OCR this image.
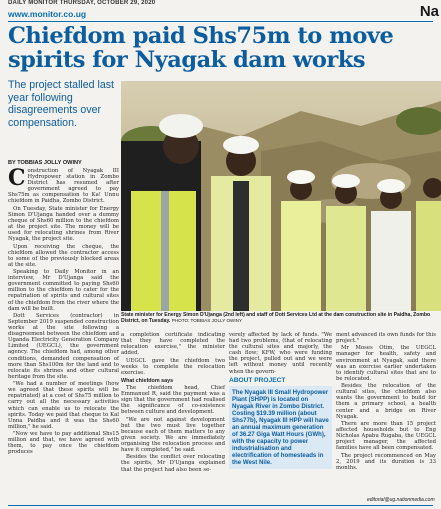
DAILY MONITOR THURSDAY, OCTOBER 29, 2020
www.monitor.co.ug	Na
Chiefdom paid Shs75m to move spirits for Nyagak dam works
The project stalled last year following disagreements over compensation.
BY TOBBIAS JOLLY OWINY

Construction of Nyagak III Hydropower station in Zombo District has resumed after government agreed to pay Shs75m as compensation to Ka! Unnu chiefdom in Paidha, Zombo District.

On Tuesday, State minister for Energy Simon D'Ujanga handed over a dummy cheque of Shs60 million to the chiefdom at the project site. The money will be used for relocating shrines from River Nyagak, the project site.

Upon receiving the cheque, the chiefdom allowed the contractor access to some of the previously blocked areas at the site.

Speaking to Daily Monitor in an interview, Mr D'Ujanga said the government committed to paying Shs60 million to the chiefdom to cater for the repatriation of spirits and cultural sites of the chiefdom from the river where the dam will be built.

Dott Services (contractor) in September 2019 suspended construction works at the site following a disagreement between the chiefdom and Uganda Electricity Generation Company Limited (UEGCL), the government agency. The chiefdom had, among other conditions, demanded compensation of more than Shs100m for the land and to relocate its shrines and other cultural heritage from the site.

"We had a number of meetings (how we agreed that these spirits will be repatriated) at a cost of Shs75 million to carry out all the necessary activities which can enable us to relocate the spirits. Today we paid that cheque to Kal Unna Paidha and it was the Shs60 million," he said.

"Now we have to pay additional Shs15 million and that, we have agreed with them, to pay once the chiefdom produces

State minister for Energy Simon D'Ujanga (2nd left) and staff of Dott Services Ltd at the dam construction site in Paidha, Zombo District, on Tuesday. PHOTO: TOBBIAS JOLLY OWINY

a completion certificate indicating that they have completed the relocation exercise," the minister added.

UEGCL gave the chiefdom two weeks to complete the relocation exercise.

What chiefdom says

The chiefdom head, Chief Emmanuel R, said the payment was a sign that the government had realised the significance of co-existence between culture and development.

"We are not against development but the two must live together because each of them matters to any given society. We are immediately organising the relocation process and have it completed," he said.

Besides the conflict over relocating the spirits, Mr D'Ujanga explained that the project had also been se-

verely affected by lack of funds. "We had two problems, (that of relocating the cultural sites and majorly, the cash flow; KFW, who were funding the project, pulled out and we were left without money until recently when the govern-

ABOUT PROJECT
The Nyagak III Small Hydropower Plant (SHPP) is located on Nyagak River in Zombo District. Costing $19.39 million (about Shs77b), Nyagak III HPP will have an annual maximum generation of 36.27 Giga Watt Hours (GWh), with the capacity to power industrialisation and electrification of homesteads in the West Nile.

ment advanced its own funds for this project."

Mr Moses Otim, the UEGCL manager for health, safety and environment at Nyagak, said there was an exercise earlier undertaken to identify cultural sites that are to be relocated.

Besides the relocation of the cultural sites, the chiefdom also wants the government to build for them a primary school, a health center and a bridge on River Nyagak.

There are more than 15 project affected households but to Eng Nicholas Apabu Rugaba, the UEGCL project manager, the affected families have all been compensated.

The project recommenced on May 2, 2019 and its duration is 33 months.

editorial@ug.nationmedia.com
